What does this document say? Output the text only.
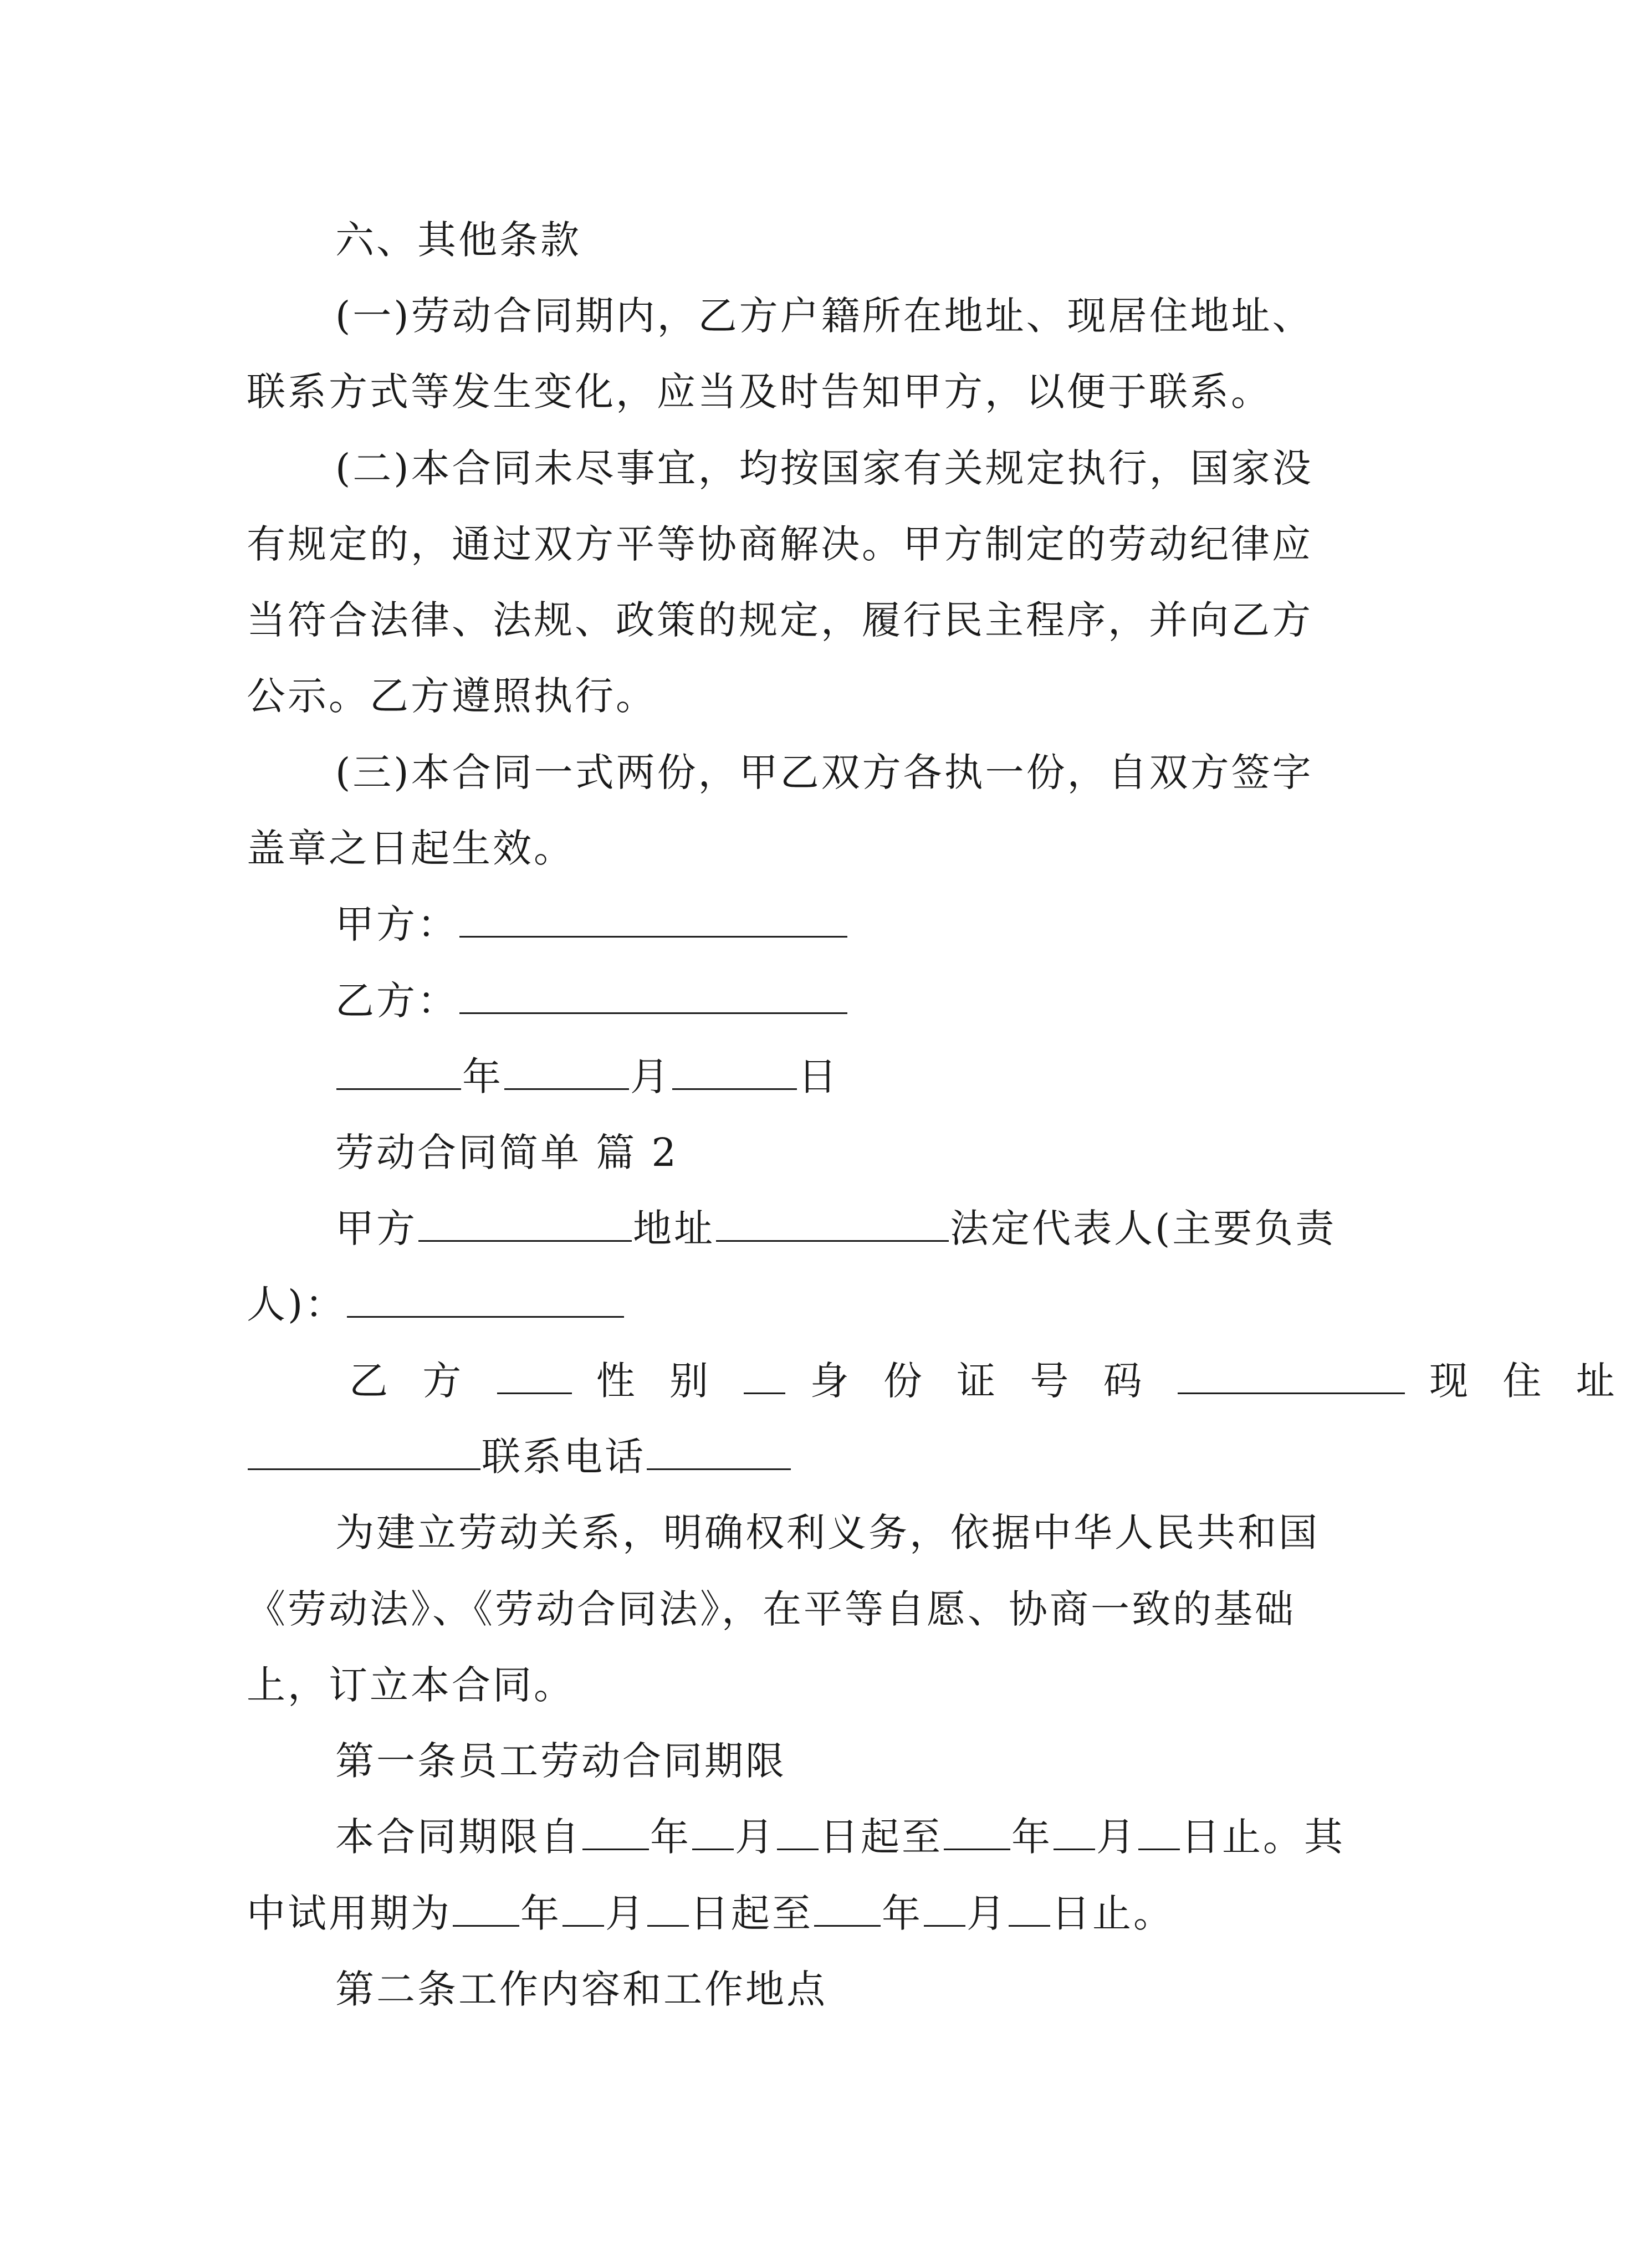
六、其他条款
(一)劳动合同期内，乙方户籍所在地址、现居住地址、
联系方式等发生变化，应当及时告知甲方，以便于联系。
(二)本合同未尽事宜，均按国家有关规定执行，国家没
有规定的，通过双方平等协商解决。甲方制定的劳动纪律应
当符合法律、法规、政策的规定，履行民主程序，并向乙方
公示。乙方遵照执行。
(三)本合同一式两份，甲乙双方各执一份，自双方签字
盖章之日起生效。
甲方：
乙方：
年	月	日
劳动合同简单 篇 2
甲方	地址	法定代表人(主要负责
人)：
乙 方	性 别 身 份 证 号 码	现 住 址
联系电话
为建立劳动关系，明确权利义务，依据中华人民共和国
《劳动法》、《劳动合同法》，在平等自愿、协商一致的基础
上，订立本合同。
第一条员工劳动合同期限
本合同期限自 年 月 日起至 年 月 日止。其
中试用期为 年 月 日起至 年 月 日止。
第二条工作内容和工作地点
